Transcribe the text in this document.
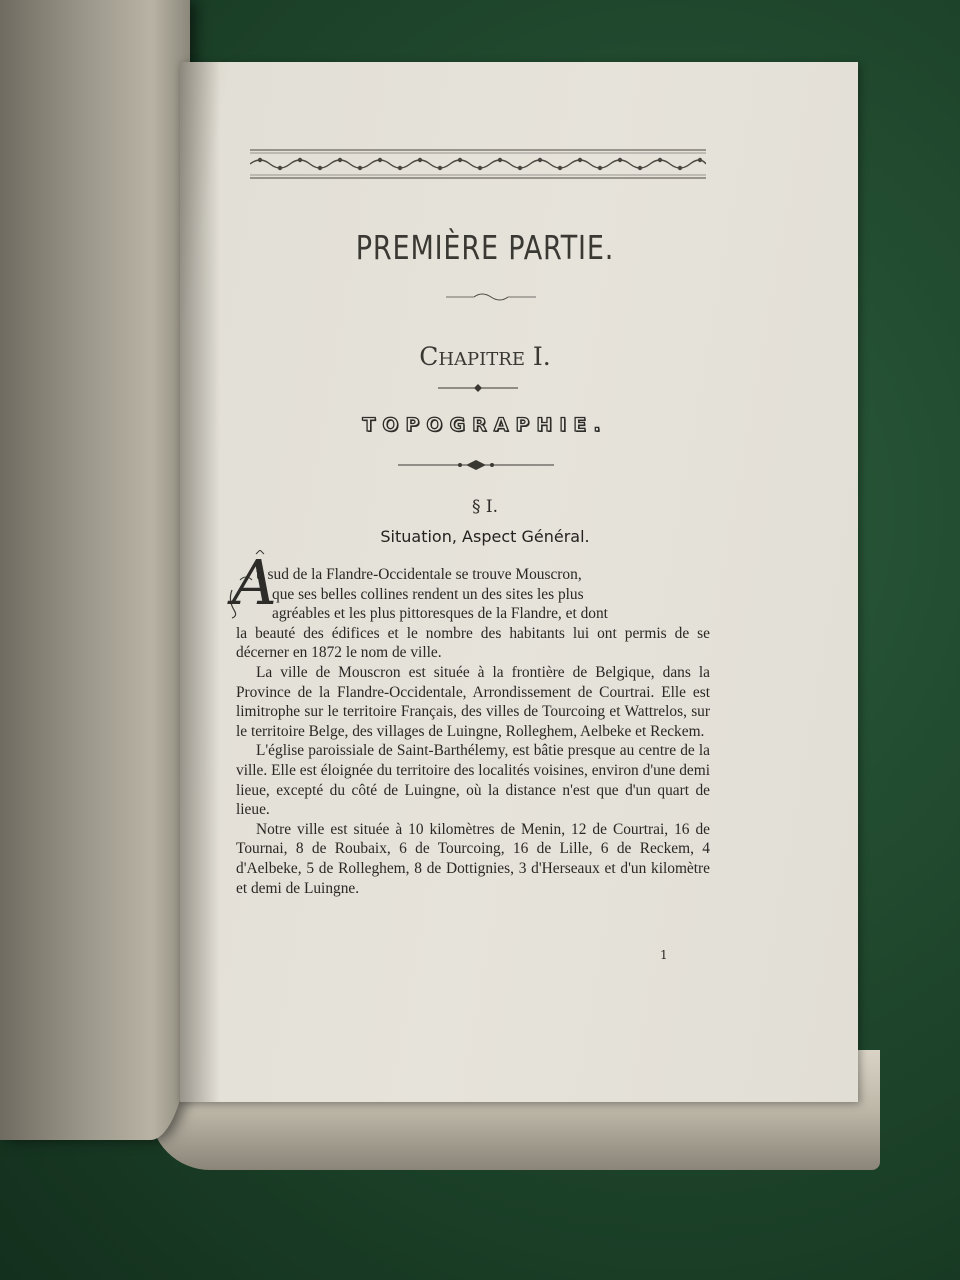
PREMIÈRE PARTIE.
Chapitre I.
TOPOGRAPHIE.
§ I.
Situation, Aspect Général.
A

u sud de la Flandre-Occidentale se trouve Mouscron,
que ses belles collines rendent un des sites les plus
agréables et les plus pittoresques de la Flandre, et dont
la beauté des édifices et le nombre des habitants lui ont permis de se décerner en 1872 le nom de ville.

La ville de Mouscron est située à la frontière de Belgique, dans la Province de la Flandre-Occidentale, Arrondissement de Courtrai. Elle est limitrophe sur le territoire Français, des villes de Tourcoing et Wattrelos, sur le territoire Belge, des villages de Luingne, Rolleghem, Aelbeke et Reckem.

L'église paroissiale de Saint-Barthélemy, est bâtie presque au centre de la ville. Elle est éloignée du territoire des localités voisines, environ d'une demi lieue, excepté du côté de Luingne, où la distance n'est que d'un quart de lieue.

Notre ville est située à 10 kilomètres de Menin, 12 de Courtrai, 16 de Tournai, 8 de Roubaix, 6 de Tourcoing, 16 de Lille, 6 de Reckem, 4 d'Aelbeke, 5 de Rolleghem, 8 de Dottignies, 3 d'Herseaux et d'un kilomètre et demi de Luingne.

1
